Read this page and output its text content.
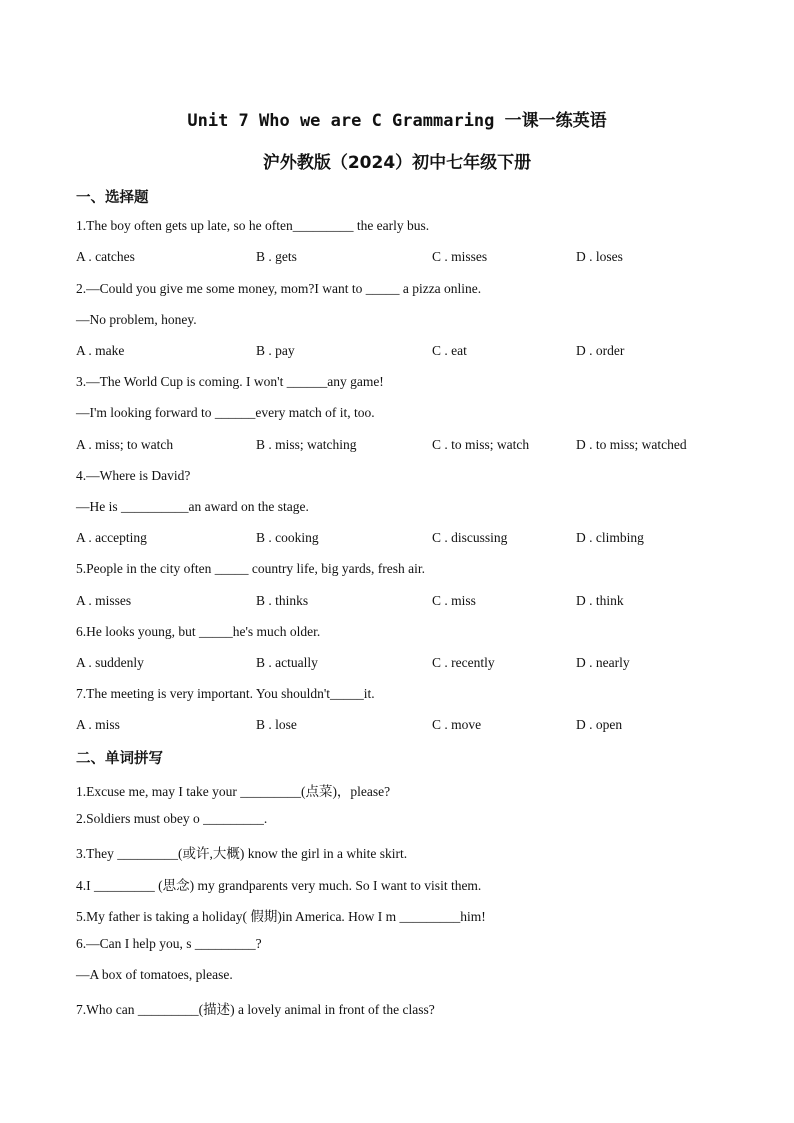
Unit 7 Who we are C Grammaring 一课一练英语
沪外教版（2024）初中七年级下册
一、选择题
1.The boy often gets up late, so he often_________ the early bus.
A . catches	B . gets	C . misses	D . loses
2.—Could you give me some money, mom?I want to _____ a pizza online.
—No problem, honey.
A . make	B . pay	C . eat	D . order
3.—The World Cup is coming. I won't ______any game!
—I'm looking forward to ______every match of it, too.
A . miss; to watch	B . miss; watching	C . to miss; watch	D . to miss; watched
4.—Where is David?
—He is __________an award on the stage.
A . accepting	B . cooking	C . discussing	D . climbing
5.People in the city often _____ country life, big yards, fresh air.
A . misses	B . thinks	C . miss	D . think
6.He looks young, but _____he's much older.
A . suddenly	B . actually	C . recently	D . nearly
7.The meeting is very important. You shouldn't_____it.
A . miss	B . lose	C . move	D . open
二、单词拼写
1.Excuse me, may I take your _________(点菜)，please?
2.Soldiers must obey o _________.
3.They _________(或许,大概) know the girl in a white skirt.
4.I _________ (思念) my grandparents very much. So I want to visit them.
5.My father is taking a holiday( 假期)in America. How I m _________him!
6.—Can I help you, s _________?
—A box of tomatoes, please.
7.Who can _________(描述) a lovely animal in front of the class?
